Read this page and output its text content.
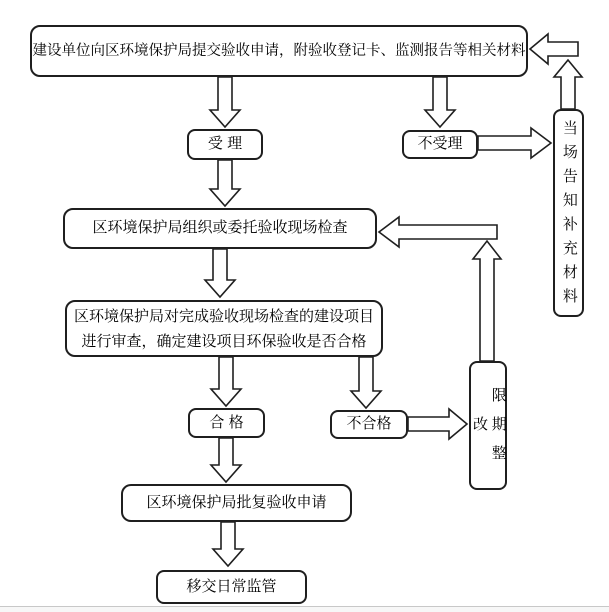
建设单位向区环境保护局提交验收申请，附验收登记卡、监测报告等相关材料
受 理	不受理	当场告知补充材料
区环境保护局组织或委托验收现场检查
区环境保护局对完成验收现场检查的建设项目
进行审查，确定建设项目环保验收是否合格
合 格	不合格	限期整改
区环境保护局批复验收申请
移交日常监管
